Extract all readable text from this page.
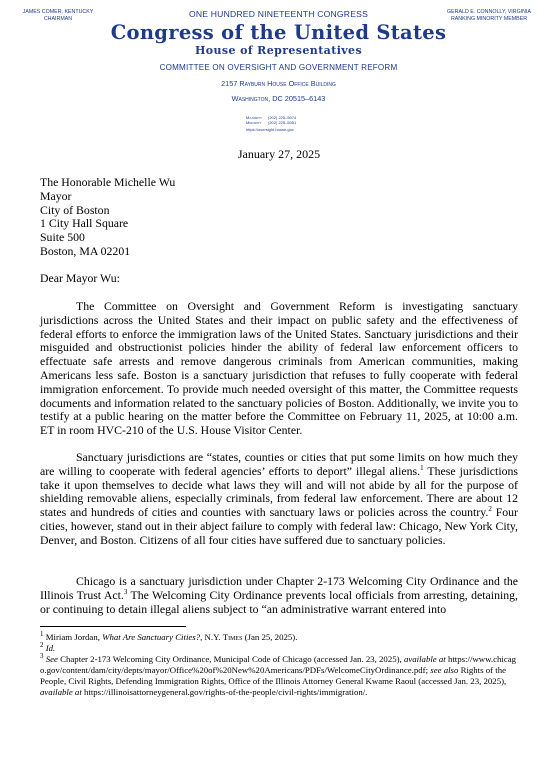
JAMES COMER, KENTUCKY
CHAIRMAN	ONE HUNDRED NINETEENTH CONGRESS
Congress of the United States
House of Representatives
COMMITTEE ON OVERSIGHT AND GOVERNMENT REFORM
2157 Rayburn House Office Building
Washington, DC 20515–6143
GERALD E. CONNOLLY, VIRGINIA
RANKING MINORITY MEMBER
Majority (202) 225–5074
Minority (202) 225–5051
https://oversight.house.gov
January 27, 2025
The Honorable Michelle Wu
Mayor
City of Boston
1 City Hall Square
Suite 500
Boston, MA 02201
Dear Mayor Wu:

The Committee on Oversight and Government Reform is investigating sanctuary jurisdictions across the United States and their impact on public safety and the effectiveness of federal efforts to enforce the immigration laws of the United States. Sanctuary jurisdictions and their misguided and obstructionist policies hinder the ability of federal law enforcement officers to effectuate safe arrests and remove dangerous criminals from American communities, making Americans less safe. Boston is a sanctuary jurisdiction that refuses to fully cooperate with federal immigration enforcement. To provide much needed oversight of this matter, the Committee requests documents and information related to the sanctuary policies of Boston. Additionally, we invite you to testify at a public hearing on the matter before the Committee on February 11, 2025, at 10:00 a.m. ET in room HVC-210 of the U.S. House Visitor Center.

Sanctuary jurisdictions are “states, counties or cities that put some limits on how much they are willing to cooperate with federal agencies’ efforts to deport” illegal aliens.$^1$ These jurisdictions take it upon themselves to decide what laws they will and will not abide by all for the purpose of shielding removable aliens, especially criminals, from federal law enforcement. There are about 12 states and hundreds of cities and counties with sanctuary laws or policies across the country.$^2$ Four cities, however, stand out in their abject failure to comply with federal law: Chicago, New York City, Denver, and Boston. Citizens of all four cities have suffered due to sanctuary policies.

Chicago is a sanctuary jurisdiction under Chapter 2-173 Welcoming City Ordinance and the Illinois Trust Act.$^3$ The Welcoming City Ordinance prevents local officials from arresting, detaining, or continuing to detain illegal aliens subject to “an administrative warrant entered into

$^1$ Miriam Jordan, What Are Sanctuary Cities?, N.Y. Times (Jan 25, 2025).

$^2$ Id.

$^3$ See Chapter 2-173 Welcoming City Ordinance, Municipal Code of Chicago (accessed Jan. 23, 2025), available at https://www.chicago.gov/content/dam/city/depts/mayor/Office%20of%20New%20Americans/PDFs/WelcomeCityOrdinance.pdf; see also Rights of the People, Civil Rights, Defending Immigration Rights, Office of the Illinois Attorney General Kwame Raoul (accessed Jan. 23, 2025), available at https://illinoisattorneygeneral.gov/rights-of-the-people/civil-rights/immigration/.
